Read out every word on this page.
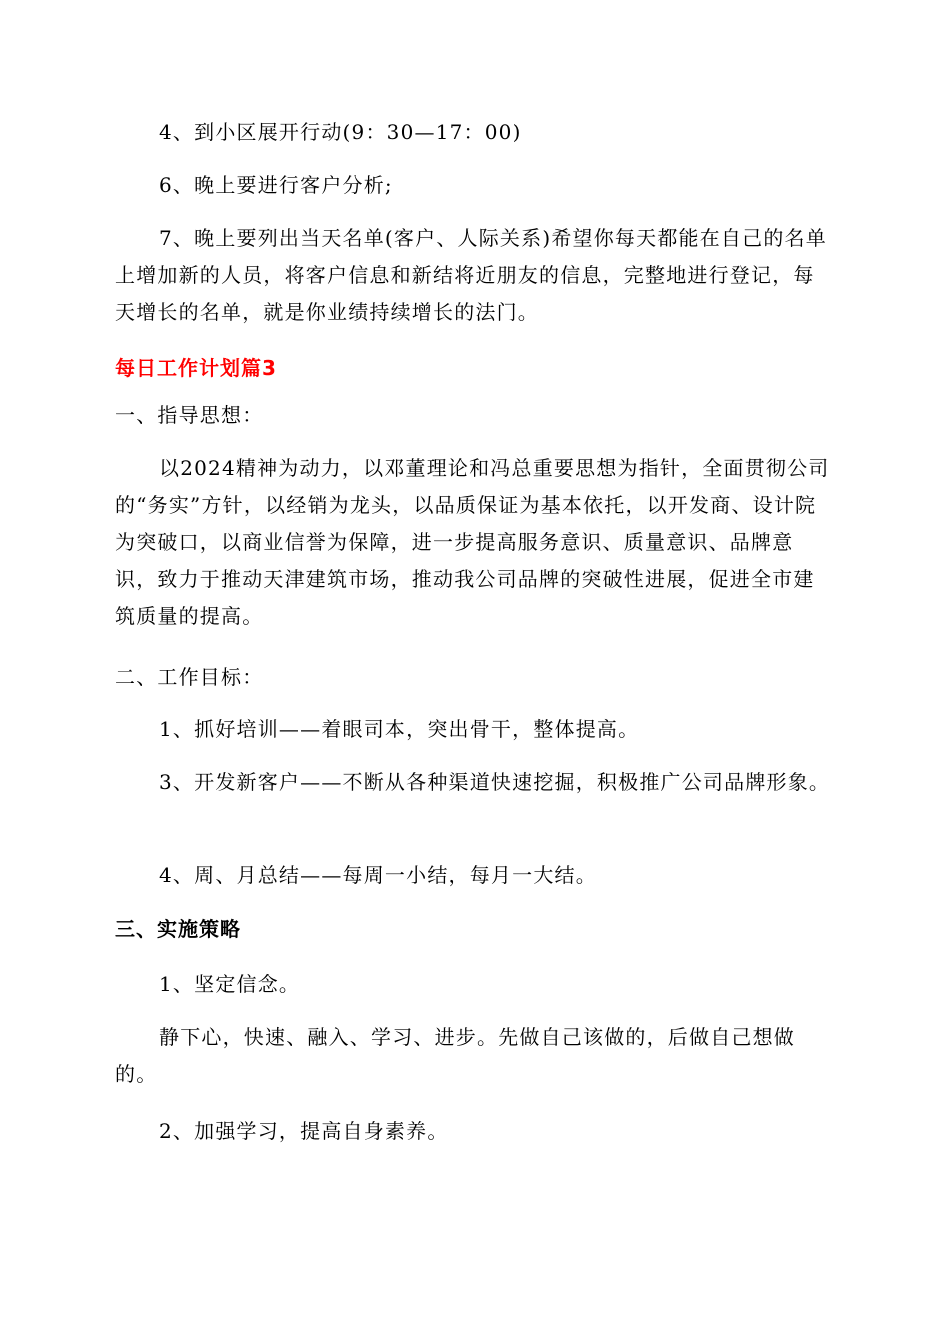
4、到小区展开行动(9：30—17：00)

6、晚上要进行客户分析;

7、晚上要列出当天名单(客户、人际关系)希望你每天都能在自己的名单上增加新的人员，将客户信息和新结将近朋友的信息，完整地进行登记，每天增长的名单，就是你业绩持续增长的法门。

每日工作计划篇3

一、指导思想：

以2024精神为动力，以邓董理论和冯总重要思想为指针，全面贯彻公司的“务实”方针，以经销为龙头，以品质保证为基本依托，以开发商、设计院为突破口，以商业信誉为保障，进一步提高服务意识、质量意识、品牌意识，致力于推动天津建筑市场，推动我公司品牌的突破性进展，促进全市建筑质量的提高。

二、工作目标：

1、抓好培训——着眼司本，突出骨干，整体提高。

3、开发新客户——不断从各种渠道快速挖掘，积极推广公司品牌形象。

4、周、月总结——每周一小结，每月一大结。

三、实施策略

1、坚定信念。

静下心，快速、融入、学习、进步。先做自己该做的，后做自己想做的。

2、加强学习，提高自身素养。
